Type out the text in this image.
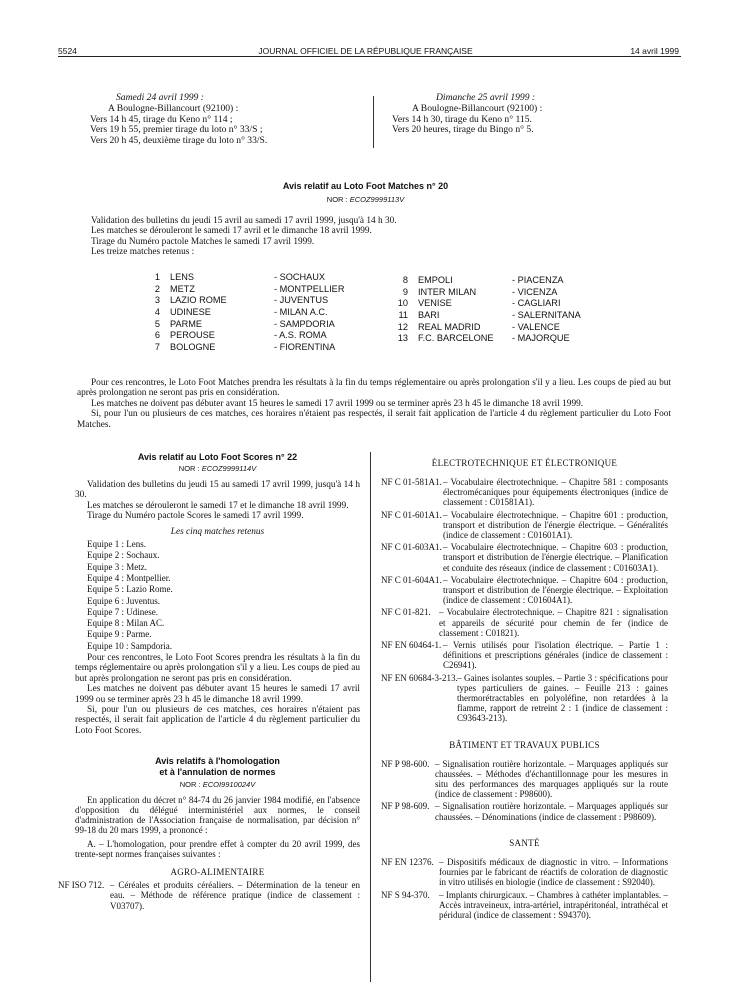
5524	JOURNAL OFFICIEL DE LA RÉPUBLIQUE FRANÇAISE	14 avril 1999
Samedi 24 avril 1999 :
A Boulogne-Billancourt (92100) :
Vers 14 h 45, tirage du Keno n° 114 ;
Vers 19 h 55, premier tirage du loto n° 33/S ;
Vers 20 h 45, deuxième tirage du loto n° 33/S.
Dimanche 25 avril 1999 :
A Boulogne-Billancourt (92100) :
Vers 14 h 30, tirage du Keno n° 115.
Vers 20 heures, tirage du Bingo n° 5.
Avis relatif au Loto Foot Matches n° 20
NOR : ECOZ9999113V
Validation des bulletins du jeudi 15 avril au samedi 17 avril 1999, jusqu'à 14 h 30.
Les matches se dérouleront le samedi 17 avril et le dimanche 18 avril 1999.
Tirage du Numéro pactole Matches le samedi 17 avril 1999.
Les treize matches retenus :
1 LENS	- SOCHAUX
2 METZ	- MONTPELLIER
3 LAZIO ROME	- JUVENTUS
4 UDINESE	- MILAN A.C.
5 PARME	- SAMPDORIA
6 PEROUSE	- A.S. ROMA
7 BOLOGNE	- FIORENTINA
8 EMPOLI	- PIACENZA
9 INTER MILAN	- VICENZA
10 VENISE	- CAGLIARI
11 BARI	- SALERNITANA
12 REAL MADRID	- VALENCE
13 F.C. BARCELONE	- MAJORQUE
Pour ces rencontres, le Loto Foot Matches prendra les résultats à la fin du temps réglementaire ou après prolongation s'il y a lieu. Les coups de pied au but après prolongation ne seront pas pris en considération.
Les matches ne doivent pas débuter avant 15 heures le samedi 17 avril 1999 ou se terminer après 23 h 45 le dimanche 18 avril 1999.
Si, pour l'un ou plusieurs de ces matches, ces horaires n'étaient pas respectés, il serait fait application de l'article 4 du règlement particulier du Loto Foot Matches.
Avis relatif au Loto Foot Scores n° 22
NOR : ECOZ9999114V
Validation des bulletins du jeudi 15 au samedi 17 avril 1999, jusqu'à 14 h 30.
Les matches se dérouleront le samedi 17 et le dimanche 18 avril 1999.
Tirage du Numéro pactole Scores le samedi 17 avril 1999.
Les cinq matches retenus
Equipe 1 : Lens.
Equipe 2 : Sochaux.
Equipe 3 : Metz.
Equipe 4 : Montpellier.
Equipe 5 : Lazio Rome.
Equipe 6 : Juventus.
Equipe 7 : Udinese.
Equipe 8 : Milan AC.
Equipe 9 : Parme.
Equipe 10 : Sampdoria.
Pour ces rencontres, le Loto Foot Scores prendra les résultats à la fin du temps réglementaire ou après prolongation s'il y a lieu. Les coups de pied au but après prolongation ne seront pas pris en considération.
Les matches ne doivent pas débuter avant 15 heures le samedi 17 avril 1999 ou se terminer après 23 h 45 le dimanche 18 avril 1999.
Si, pour l'un ou plusieurs de ces matches, ces horaires n'étaient pas respectés, il serait fait application de l'article 4 du règlement particulier du Loto Foot Scores.
Avis relatifs à l'homologation
et à l'annulation de normes
NOR : ECOI9910024V
En application du décret n° 84-74 du 26 janvier 1984 modifié, en l'absence d'opposition du délégué interministériel aux normes, le conseil d'administration de l'Association française de normalisation, par décision n° 99-18 du 20 mars 1999, a prononcé :
A. – L'homologation, pour prendre effet à compter du 20 avril 1999, des trente-sept normes françaises suivantes :
AGRO-ALIMENTAIRE
NF ISO 712. – Céréales et produits céréaliers. – Détermination de la teneur en eau. – Méthode de référence pratique (indice de classement : V03707).
ÉLECTROTECHNIQUE ET ÉLECTRONIQUE
NF C 01-581A1. – Vocabulaire électrotechnique. – Chapitre 581 : composants électromécaniques pour équipements électroniques (indice de classement : C01581A1).
NF C 01-601A1. – Vocabulaire électrotechnique. – Chapitre 601 : production, transport et distribution de l'énergie électrique. – Généralités (indice de classement : C01601A1).
NF C 01-603A1. – Vocabulaire électrotechnique. – Chapitre 603 : production, transport et distribution de l'énergie électrique. – Planification et conduite des réseaux (indice de classement : C01603A1).
NF C 01-604A1. – Vocabulaire électrotechnique. – Chapitre 604 : production, transport et distribution de l'énergie électrique. – Exploitation (indice de classement : C01604A1).
NF C 01-821. – Vocabulaire électrotechnique. – Chapitre 821 : signalisation et appareils de sécurité pour chemin de fer (indice de classement : C01821).
NF EN 60464-1. – Vernis utilisés pour l'isolation électrique. – Partie 1 : définitions et prescriptions générales (indice de classement : C26941).
NF EN 60684-3-213. – Gaines isolantes souples. – Partie 3 : spécifications pour types particuliers de gaines. – Feuille 213 : gaines thermorétractables en polyoléfine, non retardées à la flamme, rapport de retreint 2 : 1 (indice de classement : C93643-213).
BÂTIMENT ET TRAVAUX PUBLICS
NF P 98-600. – Signalisation routière horizontale. – Marquages appliqués sur chaussées. – Méthodes d'échantillonnage pour les mesures in situ des performances des marquages appliqués sur la route (indice de classement : P98600).
NF P 98-609. – Signalisation routière horizontale. – Marquages appliqués sur chaussées. – Dénominations (indice de classement : P98609).
SANTÉ
NF EN 12376. – Dispositifs médicaux de diagnostic in vitro. – Informations fournies par le fabricant de réactifs de coloration de diagnostic in vitro utilisés en biologie (indice de classement : S92040).
NF S 94-370.	– Implants chirurgicaux. – Chambres à cathéter implantables. – Accès intraveineux, intra-artériel, intrapéritonéal, intrathécal et péridural (indice de classement : S94370).
